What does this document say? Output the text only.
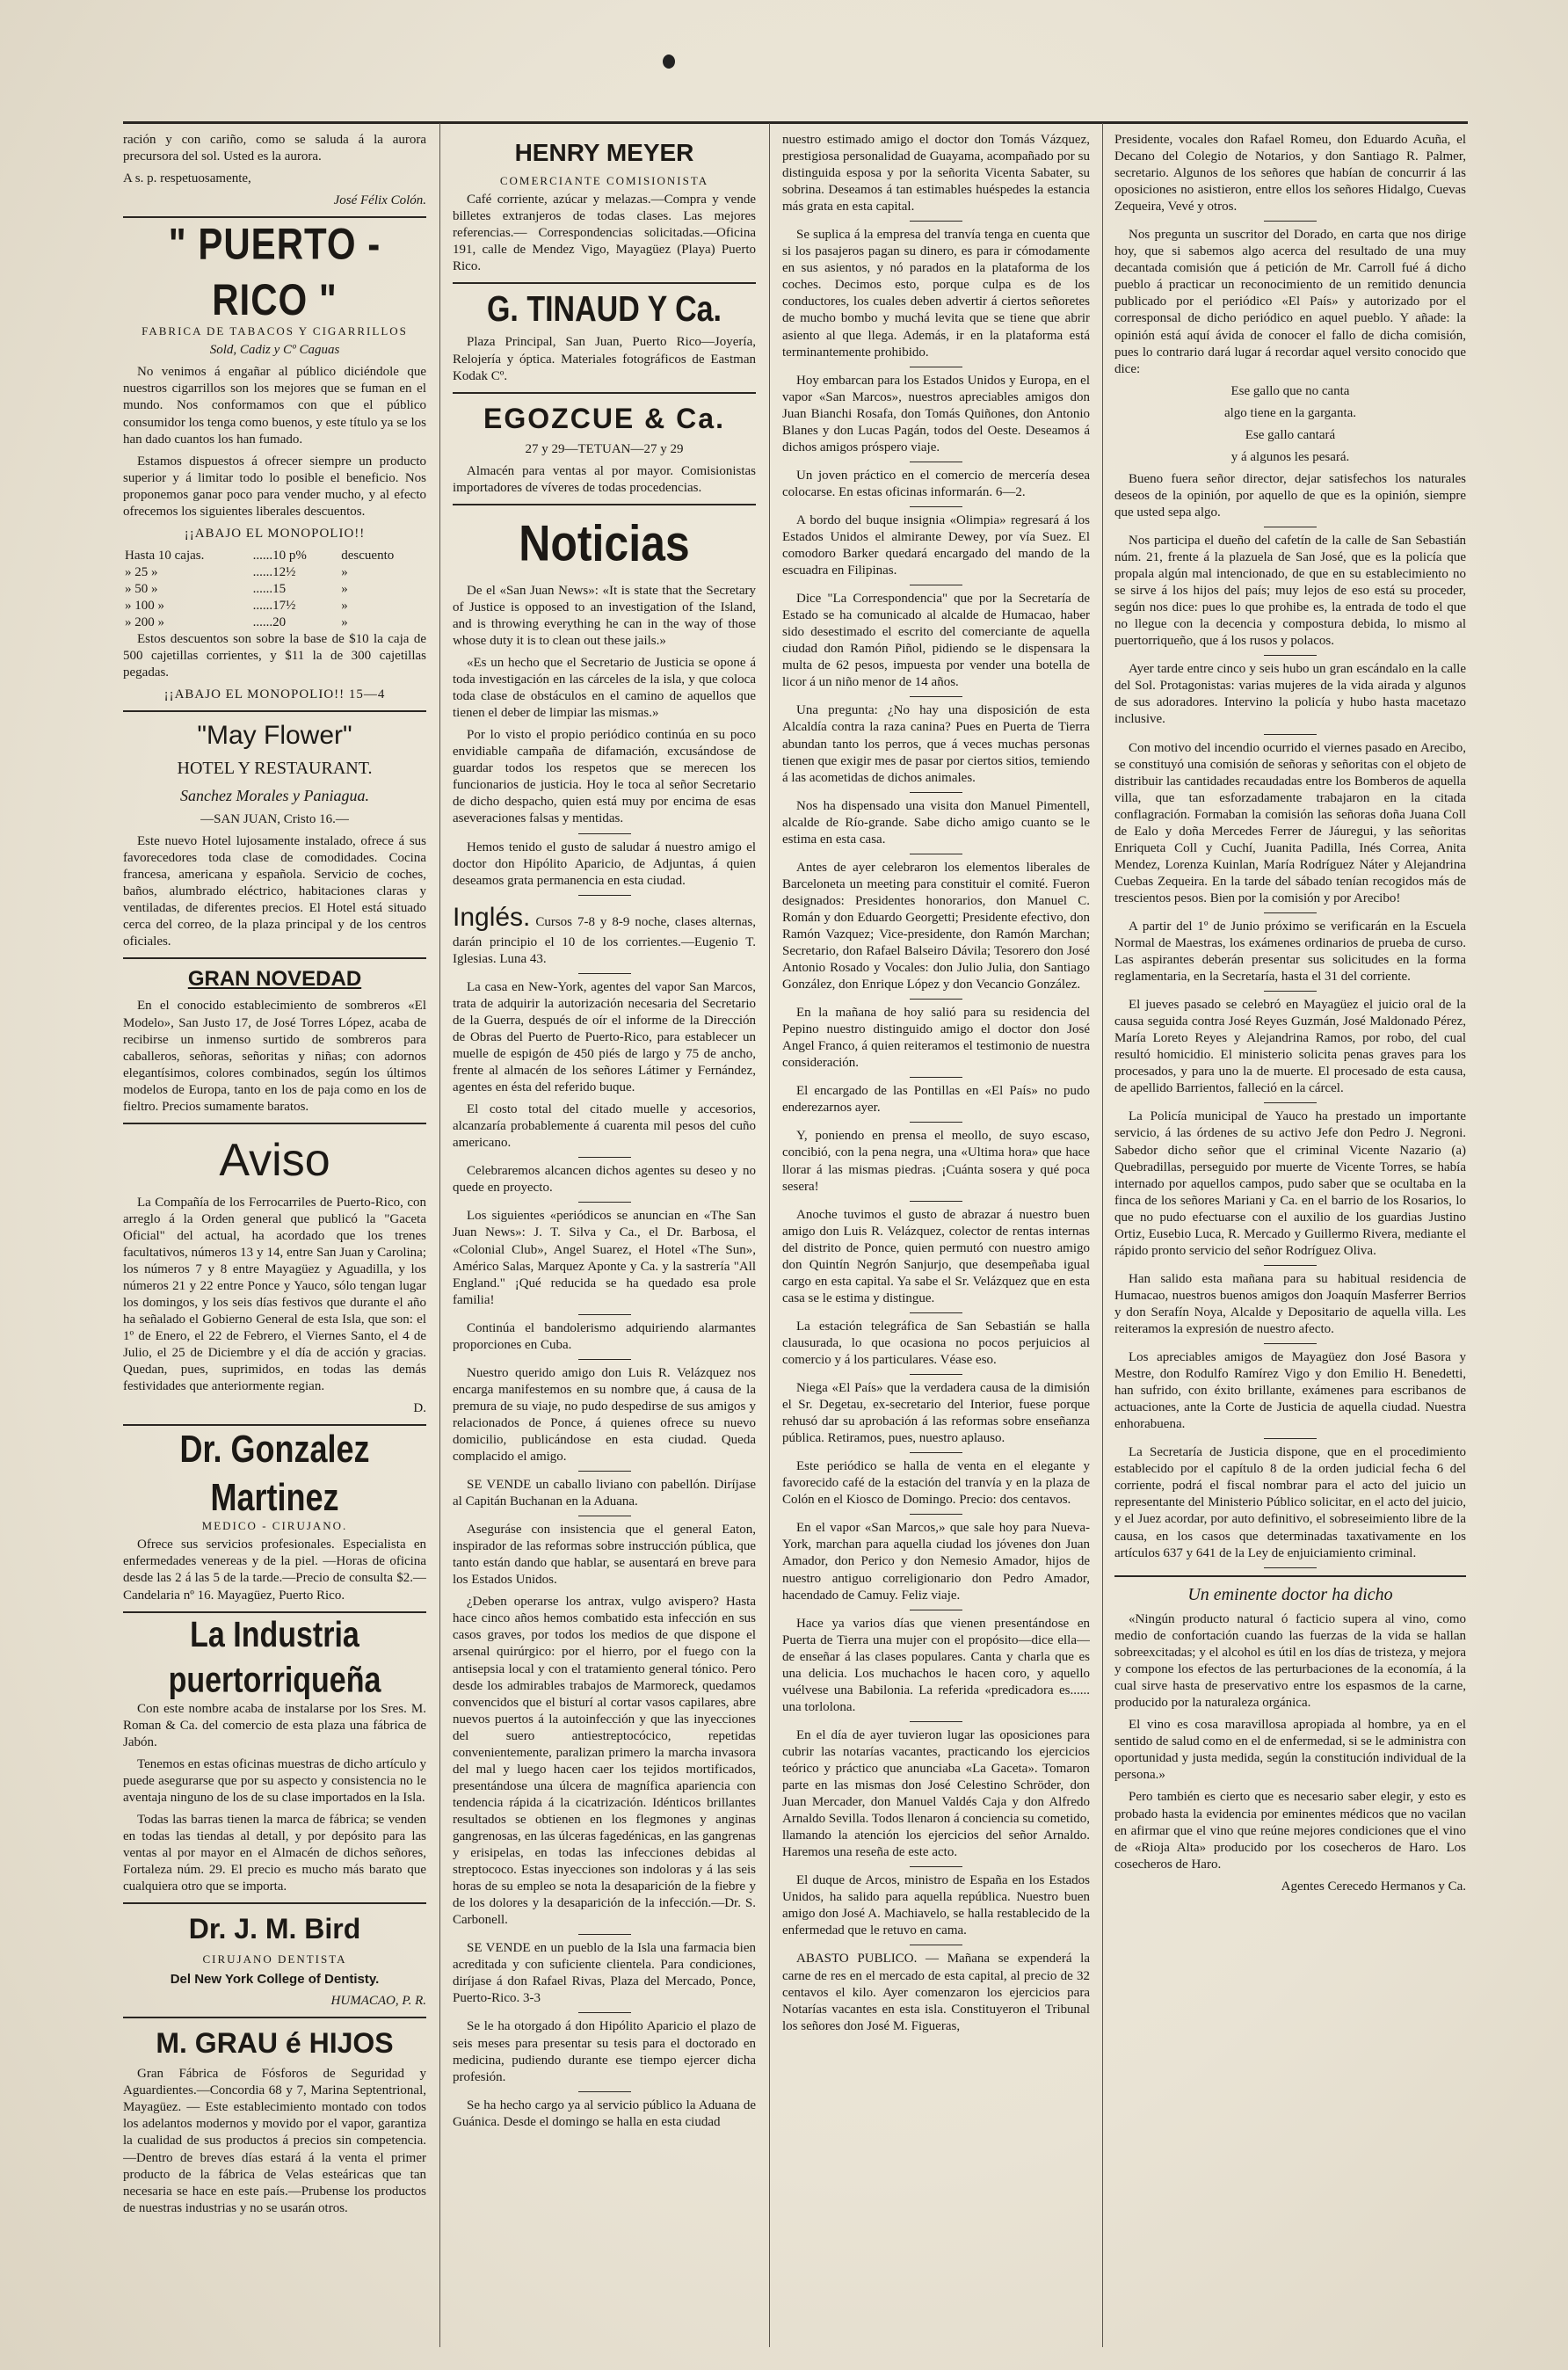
ración y con cariño, como se saluda á la aurora precursora del sol. Usted es la aurora.

A s. p. respetuosamente,

José Félix Colón.

" PUERTO - RICO "

FABRICA DE TABACOS Y CIGARRILLOS

Sold, Cadiz y Cº Caguas

No venimos á engañar al público diciéndole que nuestros cigarrillos son los mejores que se fuman en el mundo. Nos conformamos con que el público consumidor los tenga como buenos, y este título ya se los han dado cuantos los han fumado.

Estamos dispuestos á ofrecer siempre un producto superior y á limitar todo lo posible el beneficio. Nos proponemos ganar poco para vender mucho, y al efecto ofrecemos los siguientes liberales descuentos.

¡¡ABAJO EL MONOPOLIO!!

Hasta 10 cajas.	......10 p%	descuento
» 25 »	......12½	»
» 50 »	......15	»
» 100 »	......17½	»
» 200 »	......20	»

Estos descuentos son sobre la base de $10 la caja de 500 cajetillas corrientes, y $11 la de 300 cajetillas pegadas.

¡¡ABAJO EL MONOPOLIO!! 15—4

"May Flower"

HOTEL Y RESTAURANT.

Sanchez Morales y Paniagua.

—SAN JUAN, Cristo 16.—

Este nuevo Hotel lujosamente instalado, ofrece á sus favorecedores toda clase de comodidades. Cocina francesa, americana y española. Servicio de coches, baños, alumbrado eléctrico, habitaciones claras y ventiladas, de diferentes precios. El Hotel está situado cerca del correo, de la plaza principal y de los centros oficiales.

GRAN NOVEDAD

En el conocido establecimiento de sombreros «El Modelo», San Justo 17, de José Torres López, acaba de recibirse un inmenso surtido de sombreros para caballeros, señoras, señoritas y niñas; con adornos elegantísimos, colores combinados, según los últimos modelos de Europa, tanto en los de paja como en los de fieltro. Precios sumamente baratos.

Aviso

La Compañía de los Ferrocarriles de Puerto-Rico, con arreglo á la Orden general que publicó la "Gaceta Oficial" del actual, ha acordado que los trenes facultativos, números 13 y 14, entre San Juan y Carolina; los números 7 y 8 entre Mayagüez y Aguadilla, y los números 21 y 22 entre Ponce y Yauco, sólo tengan lugar los domingos, y los seis días festivos que durante el año ha señalado el Gobierno General de esta Isla, que son: el 1º de Enero, el 22 de Febrero, el Viernes Santo, el 4 de Julio, el 25 de Diciembre y el día de acción y gracias. Quedan, pues, suprimidos, en todas las demás festividades que anteriormente regian.

D.

Dr. Gonzalez Martinez

MEDICO - CIRUJANO.

Ofrece sus servicios profesionales. Especialista en enfermedades venereas y de la piel. —Horas de oficina desde las 2 á las 5 de la tarde.—Precio de consulta $2.—Candelaria nº 16. Mayagüez, Puerto Rico.

La Industria puertorriqueña

Con este nombre acaba de instalarse por los Sres. M. Roman & Ca. del comercio de esta plaza una fábrica de Jabón.

Tenemos en estas oficinas muestras de dicho artículo y puede asegurarse que por su aspecto y consistencia no le aventaja ninguno de los de su clase importados en la Isla.

Todas las barras tienen la marca de fábrica; se venden en todas las tiendas al detall, y por depósito para las ventas al por mayor en el Almacén de dichos señores, Fortaleza núm. 29. El precio es mucho más barato que cualquiera otro que se importa.

Dr. J. M. Bird

CIRUJANO DENTISTA

Del New York College of Dentisty.

HUMACAO, P. R.

M. GRAU é HIJOS

Gran Fábrica de Fósforos de Seguridad y Aguardientes.—Concordia 68 y 7, Marina Septentrional, Mayagüez. — Este establecimiento montado con todos los adelantos modernos y movido por el vapor, garantiza la cualidad de sus productos á precios sin competencia.—Dentro de breves días estará á la venta el primer producto de la fábrica de Velas esteáricas que tan necesaria se hace en este país.—Prubense los productos de nuestras industrias y no se usarán otros.

HENRY MEYER

COMERCIANTE COMISIONISTA

Café corriente, azúcar y melazas.—Compra y vende billetes extranjeros de todas clases. Las mejores referencias.— Correspondencias solicitadas.—Oficina 191, calle de Mendez Vigo, Mayagüez (Playa) Puerto Rico.

G. TINAUD Y Ca.

Plaza Principal, San Juan, Puerto Rico—Joyería, Relojería y óptica. Materiales fotográficos de Eastman Kodak Cº.

EGOZCUE & Ca.

27 y 29—TETUAN—27 y 29

Almacén para ventas al por mayor. Comisionistas importadores de víveres de todas procedencias.

Noticias

De el «San Juan News»: «It is state that the Secretary of Justice is opposed to an investigation of the Island, and is throwing everything he can in the way of those whose duty it is to clean out these jails.»

«Es un hecho que el Secretario de Justicia se opone á toda investigación en las cárceles de la isla, y que coloca toda clase de obstáculos en el camino de aquellos que tienen el deber de limpiar las mismas.»

Por lo visto el propio periódico continúa en su poco envidiable campaña de difamación, excusándose de guardar todos los respetos que se merecen los funcionarios de justicia. Hoy le toca al señor Secretario de dicho despacho, quien está muy por encima de esas aseveraciones falsas y mentidas.

Hemos tenido el gusto de saludar á nuestro amigo el doctor don Hipólito Aparicio, de Adjuntas, á quien deseamos grata permanencia en esta ciudad.

Inglés. Cursos 7-8 y 8-9 noche, clases alternas, darán principio el 10 de los corrientes.—Eugenio T. Iglesias. Luna 43.

La casa en New-York, agentes del vapor San Marcos, trata de adquirir la autorización necesaria del Secretario de la Guerra, después de oír el informe de la Dirección de Obras del Puerto de Puerto-Rico, para establecer un muelle de espigón de 450 piés de largo y 75 de ancho, frente al almacén de los señores Látimer y Fernández, agentes en ésta del referido buque.

El costo total del citado muelle y accesorios, alcanzaría probablemente á cuarenta mil pesos del cuño americano.

Celebraremos alcancen dichos agentes su deseo y no quede en proyecto.

Los siguientes «periódicos se anuncian en «The San Juan News»: J. T. Silva y Ca., el Dr. Barbosa, el «Colonial Club», Angel Suarez, el Hotel «The Sun», Américo Salas, Marquez Aponte y Ca. y la sastrería "All England." ¡Qué reducida se ha quedado esa prole familia!

Continúa el bandolerismo adquiriendo alarmantes proporciones en Cuba.

Nuestro querido amigo don Luis R. Velázquez nos encarga manifestemos en su nombre que, á causa de la premura de su viaje, no pudo despedirse de sus amigos y relacionados de Ponce, á quienes ofrece su nuevo domicilio, publicándose en esta ciudad. Queda complacido el amigo.

SE VENDE un caballo liviano con pabellón. Diríjase al Capitán Buchanan en la Aduana.

Aseguráse con insistencia que el general Eaton, inspirador de las reformas sobre instrucción pública, que tanto están dando que hablar, se ausentará en breve para los Estados Unidos.

¿Deben operarse los antrax, vulgo avispero? Hasta hace cinco años hemos combatido esta infección en sus casos graves, por todos los medios de que dispone el arsenal quirúrgico: por el hierro, por el fuego con la antisepsia local y con el tratamiento general tónico. Pero desde los admirables trabajos de Marmoreck, quedamos convencidos que el bisturí al cortar vasos capilares, abre nuevos puertos á la autoinfección y que las inyecciones del suero antiestreptocócico, repetidas convenientemente, paralizan primero la marcha invasora del mal y luego hacen caer los tejidos mortificados, presentándose una úlcera de magnífica apariencia con tendencia rápida á la cicatrización. Idénticos brillantes resultados se obtienen en los flegmones y anginas gangrenosas, en las úlceras fagedénicas, en las gangrenas y erisipelas, en todas las infecciones debidas al streptococo. Estas inyecciones son indoloras y á las seis horas de su empleo se nota la desaparición de la fiebre y de los dolores y la desaparición de la infección.—Dr. S. Carbonell.

SE VENDE en un pueblo de la Isla una farmacia bien acreditada y con suficiente clientela. Para condiciones, diríjase á don Rafael Rivas, Plaza del Mercado, Ponce, Puerto-Rico. 3-3

Se le ha otorgado á don Hipólito Aparicio el plazo de seis meses para presentar su tesis para el doctorado en medicina, pudiendo durante ese tiempo ejercer dicha profesión.

Se ha hecho cargo ya al servicio público la Aduana de Guánica. Desde el domingo se halla en esta ciudad

nuestro estimado amigo el doctor don Tomás Vázquez, prestigiosa personalidad de Guayama, acompañado por su distinguida esposa y por la señorita Vicenta Sabater, su sobrina. Deseamos á tan estimables huéspedes la estancia más grata en esta capital.

Se suplica á la empresa del tranvía tenga en cuenta que si los pasajeros pagan su dinero, es para ir cómodamente en sus asientos, y nó parados en la plataforma de los coches. Decimos esto, porque culpa es de los conductores, los cuales deben advertir á ciertos señoretes de mucho bombo y muchá levita que se tiene que abrir asiento al que llega. Además, ir en la plataforma está terminantemente prohibido.

Hoy embarcan para los Estados Unidos y Europa, en el vapor «San Marcos», nuestros apreciables amigos don Juan Bianchi Rosafa, don Tomás Quiñones, don Antonio Blanes y don Lucas Pagán, todos del Oeste. Deseamos á dichos amigos próspero viaje.

Un joven práctico en el comercio de mercería desea colocarse. En estas oficinas informarán. 6—2.

A bordo del buque insignia «Olimpia» regresará á los Estados Unidos el almirante Dewey, por vía Suez. El comodoro Barker quedará encargado del mando de la escuadra en Filipinas.

Dice "La Correspondencia" que por la Secretaría de Estado se ha comunicado al alcalde de Humacao, haber sido desestimado el escrito del comerciante de aquella ciudad don Ramón Piñol, pidiendo se le dispensara la multa de 62 pesos, impuesta por vender una botella de licor á un niño menor de 14 años.

Una pregunta: ¿No hay una disposición de esta Alcaldía contra la raza canina? Pues en Puerta de Tierra abundan tanto los perros, que á veces muchas personas tienen que exigir mes de pasar por ciertos sitios, temiendo á las acometidas de dichos animales.

Nos ha dispensado una visita don Manuel Pimentell, alcalde de Río-grande. Sabe dicho amigo cuanto se le estima en esta casa.

Antes de ayer celebraron los elementos liberales de Barceloneta un meeting para constituir el comité. Fueron designados: Presidentes honorarios, don Manuel C. Román y don Eduardo Georgetti; Presidente efectivo, don Ramón Vazquez; Vice-presidente, don Ramón Marchan; Secretario, don Rafael Balseiro Dávila; Tesorero don José Antonio Rosado y Vocales: don Julio Julia, don Santiago González, don Enrique López y don Vecancio González.

En la mañana de hoy salió para su residencia del Pepino nuestro distinguido amigo el doctor don José Angel Franco, á quien reiteramos el testimonio de nuestra consideración.

El encargado de las Pontillas en «El País» no pudo enderezarnos ayer.

Y, poniendo en prensa el meollo, de suyo escaso, concibió, con la pena negra, una «Ultima hora» que hace llorar á las mismas piedras. ¡Cuánta sosera y qué poca sesera!

Anoche tuvimos el gusto de abrazar á nuestro buen amigo don Luis R. Velázquez, colector de rentas internas del distrito de Ponce, quien permutó con nuestro amigo don Quintín Negrón Sanjurjo, que desempeñaba igual cargo en esta capital. Ya sabe el Sr. Velázquez que en esta casa se le estima y distingue.

La estación telegráfica de San Sebastián se halla clausurada, lo que ocasiona no pocos perjuicios al comercio y á los particulares. Véase eso.

Niega «El País» que la verdadera causa de la dimisión el Sr. Degetau, ex-secretario del Interior, fuese porque rehusó dar su aprobación á las reformas sobre enseñanza pública. Retiramos, pues, nuestro aplauso.

Este periódico se halla de venta en el elegante y favorecido café de la estación del tranvía y en la plaza de Colón en el Kiosco de Domingo. Precio: dos centavos.

En el vapor «San Marcos,» que sale hoy para Nueva-York, marchan para aquella ciudad los jóvenes don Juan Amador, don Perico y don Nemesio Amador, hijos de nuestro antiguo correligionario don Pedro Amador, hacendado de Camuy. Feliz viaje.

Hace ya varios días que vienen presentándose en Puerta de Tierra una mujer con el propósito—dice ella—de enseñar á las clases populares. Canta y charla que es una delicia. Los muchachos le hacen coro, y aquello vuélvese una Babilonia. La referida «predicadora es...... una torlolona.

En el día de ayer tuvieron lugar las oposiciones para cubrir las notarías vacantes, practicando los ejercicios teórico y práctico que anunciaba «La Gaceta». Tomaron parte en las mismas don José Celestino Schröder, don Juan Mercader, don Manuel Valdés Caja y don Alfredo Arnaldo Sevilla. Todos llenaron á conciencia su cometido, llamando la atención los ejercicios del señor Arnaldo. Haremos una reseña de este acto.

El duque de Arcos, ministro de España en los Estados Unidos, ha salido para aquella república. Nuestro buen amigo don José A. Machiavelo, se halla restablecido de la enfermedad que le retuvo en cama.

ABASTO PUBLICO. — Mañana se expenderá la carne de res en el mercado de esta capital, al precio de 32 centavos el kilo. Ayer comenzaron los ejercicios para Notarías vacantes en esta isla. Constituyeron el Tribunal los señores don José M. Figueras,

Presidente, vocales don Rafael Romeu, don Eduardo Acuña, el Decano del Colegio de Notarios, y don Santiago R. Palmer, secretario. Algunos de los señores que habían de concurrir á las oposiciones no asistieron, entre ellos los señores Hidalgo, Cuevas Zequeira, Vevé y otros.

Nos pregunta un suscritor del Dorado, en carta que nos dirige hoy, que si sabemos algo acerca del resultado de una muy decantada comisión que á petición de Mr. Carroll fué á dicho pueblo á practicar un reconocimiento de un remitido denuncia publicado por el periódico «El País» y autorizado por el corresponsal de dicho periódico en aquel pueblo. Y añade: la opinión está aquí ávida de conocer el fallo de dicha comisión, pues lo contrario dará lugar á recordar aquel versito conocido que dice:

Ese gallo que no canta

algo tiene en la garganta.

Ese gallo cantará

y á algunos les pesará.

Bueno fuera señor director, dejar satisfechos los naturales deseos de la opinión, por aquello de que es la opinión, siempre que usted sepa algo.

Nos participa el dueño del cafetín de la calle de San Sebastián núm. 21, frente á la plazuela de San José, que es la policía que propala algún mal intencionado, de que en su establecimiento no se sirve á los hijos del país; muy lejos de eso está su proceder, según nos dice: pues lo que prohibe es, la entrada de todo el que no llegue con la decencia y compostura debida, lo mismo al puertorriqueño, que á los rusos y polacos.

Ayer tarde entre cinco y seis hubo un gran escándalo en la calle del Sol. Protagonistas: varias mujeres de la vida airada y algunos de sus adoradores. Intervino la policía y hubo hasta macetazo inclusive.

Con motivo del incendio ocurrido el viernes pasado en Arecibo, se constituyó una comisión de señoras y señoritas con el objeto de distribuir las cantidades recaudadas entre los Bomberos de aquella villa, que tan esforzadamente trabajaron en la citada conflagración. Formaban la comisión las señoras doña Juana Coll de Ealo y doña Mercedes Ferrer de Jáuregui, y las señoritas Enriqueta Coll y Cuchí, Juanita Padilla, Inés Correa, Anita Mendez, Lorenza Kuinlan, María Rodríguez Náter y Alejandrina Cuebas Zequeira. En la tarde del sábado tenían recogidos más de trescientos pesos. Bien por la comisión y por Arecibo!

A partir del 1º de Junio próximo se verificarán en la Escuela Normal de Maestras, los exámenes ordinarios de prueba de curso. Las aspirantes deberán presentar sus solicitudes en la forma reglamentaria, en la Secretaría, hasta el 31 del corriente.

El jueves pasado se celebró en Mayagüez el juicio oral de la causa seguida contra José Reyes Guzmán, José Maldonado Pérez, María Loreto Reyes y Alejandrina Ramos, por robo, del cual resultó homicidio. El ministerio solicita penas graves para los procesados, y para uno la de muerte. El procesado de esta causa, de apellido Barrientos, falleció en la cárcel.

La Policía municipal de Yauco ha prestado un importante servicio, á las órdenes de su activo Jefe don Pedro J. Negroni. Sabedor dicho señor que el criminal Vicente Nazario (a) Quebradillas, perseguido por muerte de Vicente Torres, se había internado por aquellos campos, pudo saber que se ocultaba en la finca de los señores Mariani y Ca. en el barrio de los Rosarios, lo que no pudo efectuarse con el auxilio de los guardias Justino Ortiz, Eusebio Luca, R. Mercado y Guillermo Rivera, mediante el rápido pronto servicio del señor Rodríguez Oliva.

Han salido esta mañana para su habitual residencia de Humacao, nuestros buenos amigos don Joaquín Masferrer Berrios y don Serafín Noya, Alcalde y Depositario de aquella villa. Les reiteramos la expresión de nuestro afecto.

Los apreciables amigos de Mayagüez don José Basora y Mestre, don Rodulfo Ramírez Vigo y don Emilio H. Benedetti, han sufrido, con éxito brillante, exámenes para escribanos de actuaciones, ante la Corte de Justicia de aquella ciudad. Nuestra enhorabuena.

La Secretaría de Justicia dispone, que en el procedimiento establecido por el capítulo 8 de la orden judicial fecha 6 del corriente, podrá el fiscal nombrar para el acto del juicio un representante del Ministerio Público solicitar, en el acto del juicio, y el Juez acordar, por auto definitivo, el sobreseimiento libre de la causa, en los casos que determinadas taxativamente en los artículos 637 y 641 de la Ley de enjuiciamiento criminal.

Un eminente doctor ha dicho

«Ningún producto natural ó facticio supera al vino, como medio de confortación cuando las fuerzas de la vida se hallan sobreexcitadas; y el alcohol es útil en los días de tristeza, y mejora y compone los efectos de las perturbaciones de la economía, á la cual sirve hasta de preservativo entre los espasmos de la carne, producido por la naturaleza orgánica.

El vino es cosa maravillosa apropiada al hombre, ya en el sentido de salud como en el de enfermedad, si se le administra con oportunidad y justa medida, según la constitución individual de la persona.»

Pero también es cierto que es necesario saber elegir, y esto es probado hasta la evidencia por eminentes médicos que no vacilan en afirmar que el vino que reúne mejores condiciones que el vino de «Rioja Alta» producido por los cosecheros de Haro. Los cosecheros de Haro.

Agentes Cerecedo Hermanos y Ca.
